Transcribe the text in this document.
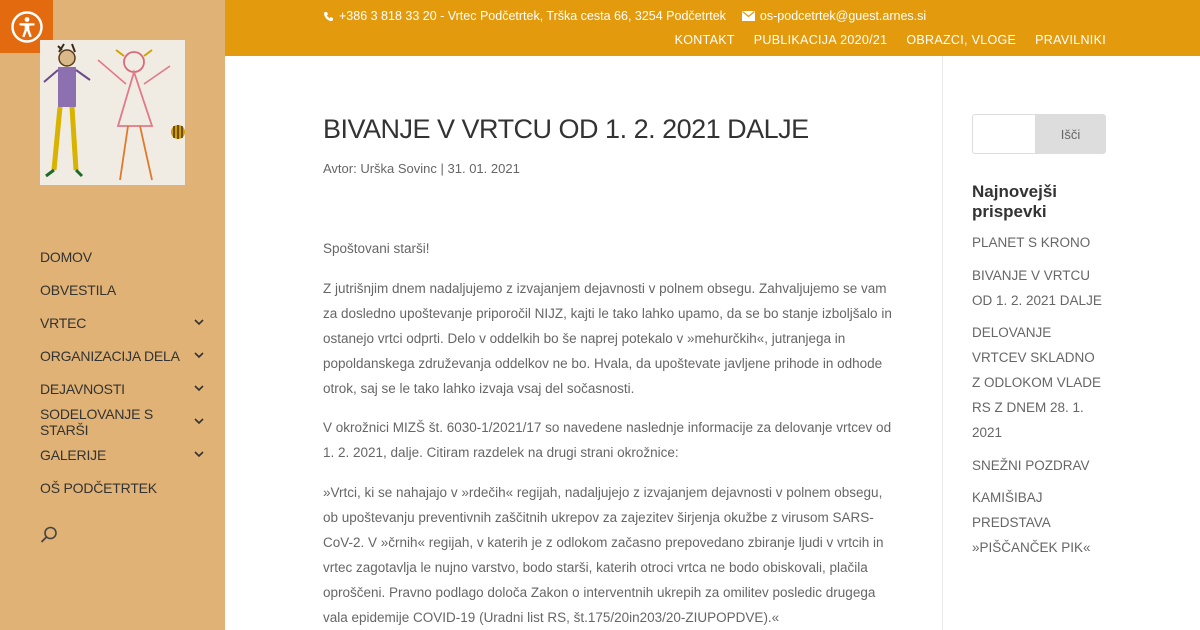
DOMOV
OBVESTILA
VRTEC
ORGANIZACIJA DELA
DEJAVNOSTI
SODELOVANJE S STARŠI
GALERIJE
OŠ PODČETRTEK
+386 3 818 33 20 - Vrtec Podčetrtek, Trška cesta 66, 3254 Podčetrtek	os-podcetrtek@guest.arnes.si
KONTAKT PUBLIKACIJA 2020/21 OBRAZCI, VLOGE PRAVILNIKI
BIVANJE V VRTCU OD 1. 2. 2021 DALJE
Avtor: Urška Sovinc | 31. 01. 2021

Spoštovani starši!

Z jutrišnjim dnem nadaljujemo z izvajanjem dejavnosti v polnem obsegu. Zahvaljujemo se vam za dosledno upoštevanje priporočil NIJZ, kajti le tako lahko upamo, da se bo stanje izboljšalo in ostanejo vrtci odprti. Delo v oddelkih bo še naprej potekalo v »mehurčkih«, jutranjega in popoldanskega združevanja oddelkov ne bo. Hvala, da upoštevate javljene prihode in odhode otrok, saj se le tako lahko izvaja vsaj del sočasnosti.

V okrožnici MIZŠ št. 6030-1/2021/17 so navedene naslednje informacije za delovanje vrtcev od 1. 2. 2021, dalje. Citiram razdelek na drugi strani okrožnice:

»Vrtci, ki se nahajajo v »rdečih« regijah, nadaljujejo z izvajanjem dejavnosti v polnem obsegu, ob upoštevanju preventivnih zaščitnih ukrepov za zajezitev širjenja okužbe z virusom SARS-CoV-2. V »črnih« regijah, v katerih je z odlokom začasno prepovedano zbiranje ljudi v vrtcih in vrtec zagotavlja le nujno varstvo, bodo starši, katerih otroci vrtca ne bodo obiskovali, plačila oproščeni. Pravno podlago določa Zakon o interventnih ukrepih za omilitev posledic drugega vala epidemije COVID-19 (Uradni list RS, št.175/20in203/20-ZIUPOPDVE).«

Išči
Najnovejši prispevki
PLANET S KRONO
BIVANJE V VRTCU OD 1. 2. 2021 DALJE
DELOVANJE VRTCEV SKLADNO Z ODLOKOM VLADE RS Z DNEM 28. 1. 2021
SNEŽNI POZDRAV
KAMIŠIBAJ PREDSTAVA »PIŠČANČEK PIK«
